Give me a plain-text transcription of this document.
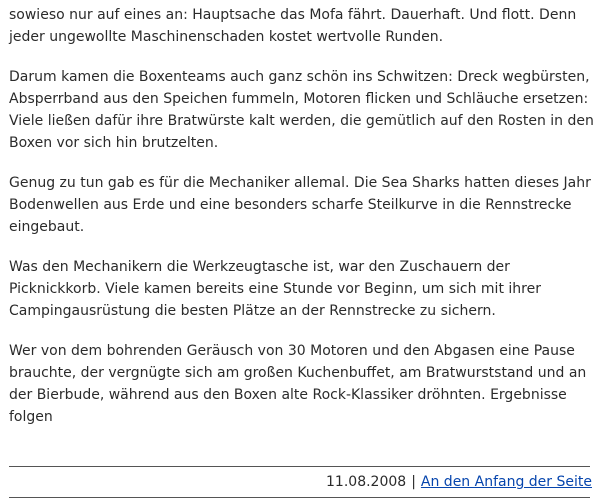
sowieso nur auf eines an: Hauptsache das Mofa fährt. Dauerhaft. Und flott. Denn jeder ungewollte Maschinenschaden kostet wertvolle Runden.

Darum kamen die Boxenteams auch ganz schön ins Schwitzen: Dreck wegbürsten, Absperrband aus den Speichen fummeln, Motoren flicken und Schläuche ersetzen: Viele ließen dafür ihre Bratwürste kalt werden, die gemütlich auf den Rosten in den Boxen vor sich hin brutzelten.

Genug zu tun gab es für die Mechaniker allemal. Die Sea Sharks hatten dieses Jahr Bodenwellen aus Erde und eine besonders scharfe Steilkurve in die Rennstrecke eingebaut.

Was den Mechanikern die Werkzeugtasche ist, war den Zuschauern der Picknickkorb. Viele kamen bereits eine Stunde vor Beginn, um sich mit ihrer Campingausrüstung die besten Plätze an der Rennstrecke zu sichern.

Wer von dem bohrenden Geräusch von 30 Motoren und den Abgasen eine Pause brauchte, der vergnügte sich am großen Kuchenbuffet, am Bratwurststand und an der Bierbude, während aus den Boxen alte Rock-Klassiker dröhnten. Ergebnisse folgen

11.08.2008 | An den Anfang der Seite
